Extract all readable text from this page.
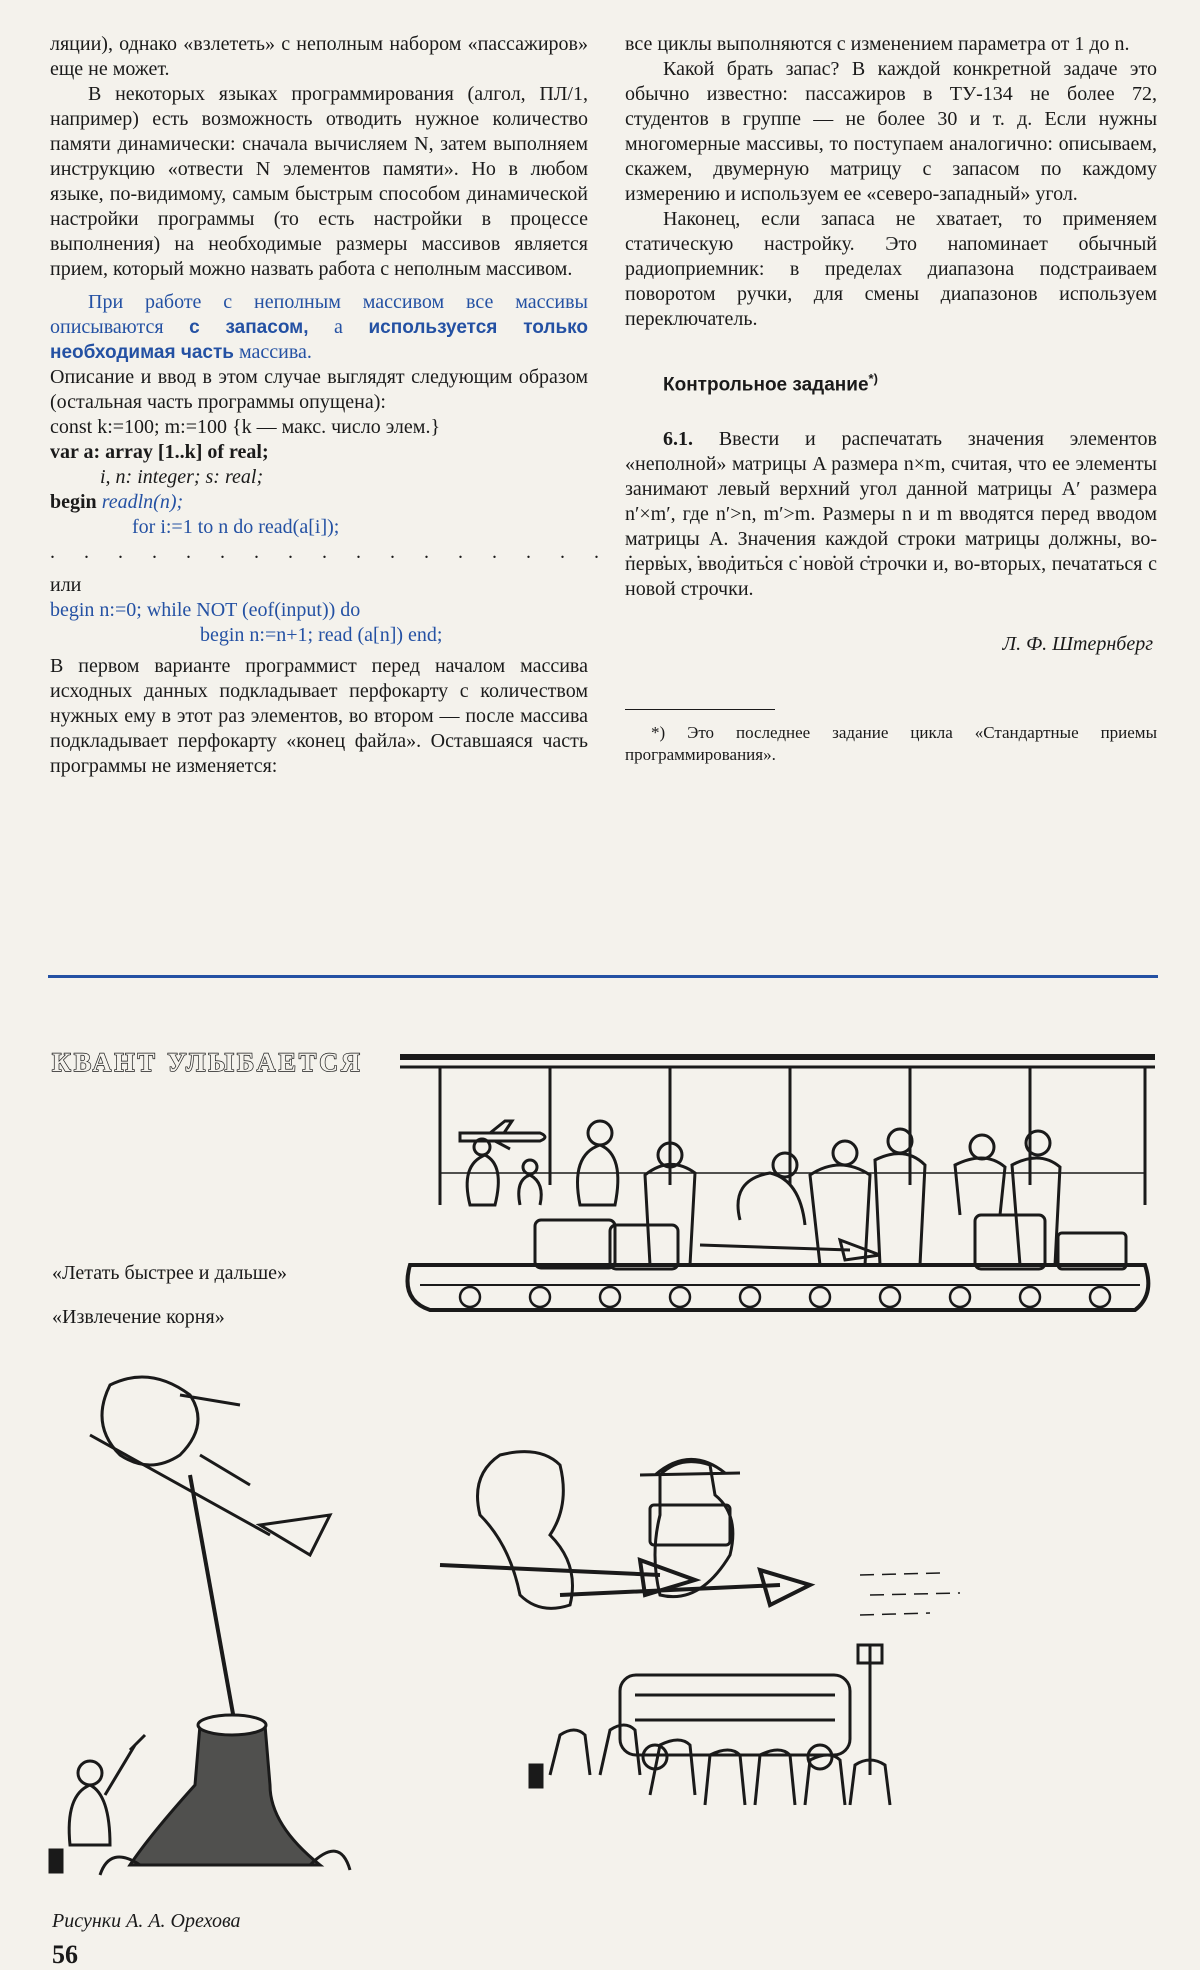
ляции), однако «взлететь» с неполным набором «пассажиров» еще не может.

В некоторых языках программирования (алгол, ПЛ/1, например) есть возможность отводить нужное количество памяти динамически: сначала вычисляем N, затем выполняем инструкцию «отвести N элементов памяти». Но в любом языке, по-видимому, самым быстрым способом динамической настройки программы (то есть настройки в процессе выполнения) на необходимые размеры массивов является прием, который можно назвать работа с неполным массивом.

При работе с неполным массивом все массивы описываются с запасом, а используется только необходимая часть массива.

Описание и ввод в этом случае выглядят следующим образом (остальная часть программы опущена):

const k:=100; m:=100 {k — макс. число элем.}
var a: array [1..k] of real;
i, n: integer; s: real;
begin readln(n);
for i:=1 to n do read(a[i]);
. . . . . . . . . . . . . . . . . . . . . . . . .
или
begin n:=0; while NOT (eof(input)) do
begin n:=n+1; read (a[n]) end;

В первом варианте программист перед началом массива исходных данных подкладывает перфокарту с количеством нужных ему в этот раз элементов, во втором — после массива подкладывает перфокарту «конец файла». Оставшаяся часть программы не изменяется:

все циклы выполняются с изменением параметра от 1 до n.

Какой брать запас? В каждой конкретной задаче это обычно известно: пассажиров в ТУ-134 не более 72, студентов в группе — не более 30 и т. д. Если нужны многомерные массивы, то поступаем аналогично: описываем, скажем, двумерную матрицу с запасом по каждому измерению и используем ее «северо-западный» угол.

Наконец, если запаса не хватает, то применяем статическую настройку. Это напоминает обычный радиоприемник: в пределах диапазона подстраиваем поворотом ручки, для смены диапазонов используем переключатель.

Контрольное задание*)

6.1. Ввести и распечатать значения элементов «неполной» матрицы A размера n×m, считая, что ее элементы занимают левый верхний угол данной матрицы A′ размера n′×m′, где n′>n, m′>m. Размеры n и m вводятся перед вводом матрицы A. Значения каждой строки матрицы должны, во-первых, вводиться с новой строчки и, во-вторых, печататься с новой строчки.

Л. Ф. Штернберг

*) Это последнее задание цикла «Стандартные приемы программирования».

КВАНТ УЛЫБАЕТСЯ
«Летать быстрее и дальше»
«Извлечение корня»
Рисунки А. А. Орехова
56
